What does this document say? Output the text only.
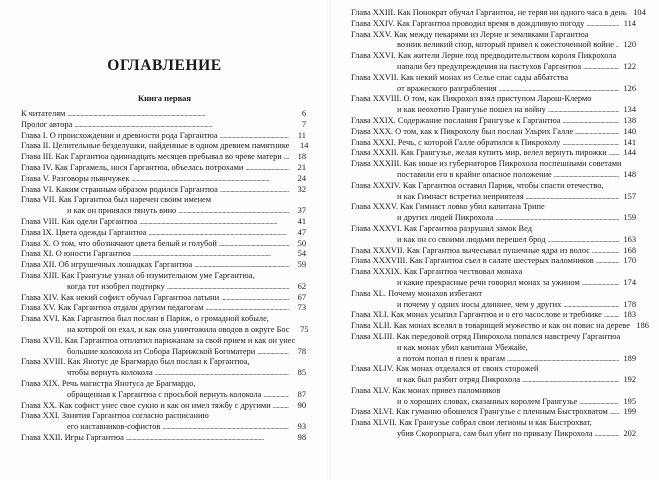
ОГЛАВЛЕНИЕ
Книга первая
К читателям . . .	6
Пролог автора . . .	7
Глава I. О происхождении и древности рода Гаргантюа . . .	11
Глава II. Целительные безделушки, найденные в одном древнем памятнике	14
Глава III. Как Гаргантюа одиннадцать месяцев пребывал во чреве матери . . .	18
Глава IV. Как Гаргамель, нося Гаргантюа, объелась потрохами . . .	21
Глава V. Разговоры пьянчужек . . .	24
Глава VI. Каким странным образом родился Гаргантюа . . .	32
Глава VII. Как Гаргантюа был наречен своим именем
и как он принялся тянуть вино . . .	37
Глава VIII. Как одели Гаргантюа . . .	41
Глава IX. Цвета одежды Гаргантюа . . .	47
Глава X. О том, что обозначают цвета белый и голубой . . .	50
Глава XI. О юности Гаргантюа . . .	54
Глава XII. Об игрушечных лошадках Гаргантюа . . .	59
Глава XIII. Как Грангузье узнал об изумительном уме Гаргантюа,
когда тот изобрел подтирку . . .	62
Глава XIV. Как некий софист обучал Гаргантюа латыни . . .	67
Глава XV. Как Гаргантюа отдали другим педагогам . . .	73
Глава XVI. Как Гаргантюа был послан в Париж, о громадной кобыле,
на которой он ехал, и как она уничтожила оводов в округе Бос	75
Глава XVII. Как Гаргантюа отплатил парижанам за свой прием и как он унес
большие колокола из Собора Парижской Богоматери . . .	78
Глава XVIII. Как Янотус де Брагмардо был послан к Гаргантюа,
чтобы вернуть колокола . . .	85
Глава XIX. Речь магистра Янотуса де Брагмардо,
обращенная к Гаргантюа с просьбой вернуть колокола . . .	87
Глава XX. Как софист унес свое сукно и как он имел тяжбу с другими . . .	90
Глава XXI. Занятия Гаргантюа согласно расписанию
его наставников-софистов . . .	93
Глава XXII. Игры Гаргантюа . . .	98
Глава XXIII. Как Понократ обучал Гаргантюа, не теряя ни одного часа в день 104
Глава XXIV. Как Гаргантюа проводил время в дождливую погоду . . .	114
Глава XXV. Как между пекарями из Лерне и земляками Гаргантюа
возник великий спор, который привел к ожесточенной войне . . . 120
Глава XXVI. Как жители Лерне под предводительством короля Пикрохола
напали без предупреждения на пастухов Гаргантюа . . .	122
Глава XXVII. Как некий монах из Селье спас сады аббатства
от вражеского разграбления . . .	126
Глава XXVIII. О том, как Пикрохол взял приступом Ларош-Клермо
и как неохотно Грангузье пошел на войну . . .	134
Глава XXIX. Содержание послания Грангузье к Гаргантюа . . .	138
Глава XXX. О том, как к Пикрохолу был послан Ульрих Галле . . .	140
Глава XXXI. Речь, с которой Галле обратился к Пикрохолу . . .	141
Глава XXXII. Как Грангузье, желая купить мир, велел вернуть пирожки . . . 144
Глава XXXIII. Как иные из губернаторов Пикрохола поспешными советами
поставили его в крайне опасное положение . . .	148
Глава XXXIV. Как Гаргантюа оставил Париж, чтобы спасти отечество,
и как Гимнаст встретил неприятеля . . .	157
Глава XXXV. Как Гимнаст ловко убил капитана Трипе
и других людей Пикрохола . . .	159
Глава XXXVI. Как Гаргантюа разрушил замок Вед
и как он со своими людьми перешел брод . . .	163
Глава XXXVII. Как Гаргантюа вычесывал пушечные ядра из волос . . .	168
Глава XXXVIII. Как Гаргантюа съел в салате шестерых паломников . . .	170
Глава XXXIX. Как Гаргантюа чествовал монаха
и какие прекрасные речи говорил монах за ужином . . .	174
Глава XL. Почему монахов избегают
и почему у одних носы длиннее, чем у других . . .	178
Глава XLI. Как монах усыпил Гаргантюа и о его часослове и требнике . . .	183
Глава XLII. Как монах вселял в товарищей мужество и как он повис на дереве 186
Глава XLIII. Как передовой отряд Пикрохола попался навстречу Гаргантюа
и как монах убил капитана Убежайе,
а потом попал в плен к врагам . . .	189
Глава XLIV. Как монах отделался от своих сторожей
и как был разбит отряд Пикрохола . . .	192
Глава XLV. Как монах привез паломников
и о хороших словах, сказанных королем Грангузье . . .	195
Глава XLVI. Как гуманно обошелся Грангузье с пленным Быстрохватом . . . 199
Глава XLVII. Как Грангузье собрал свои легионы и как Быстрохват,
убив Скоропрыга, сам был убит по приказу Пикрохола . . .	202
